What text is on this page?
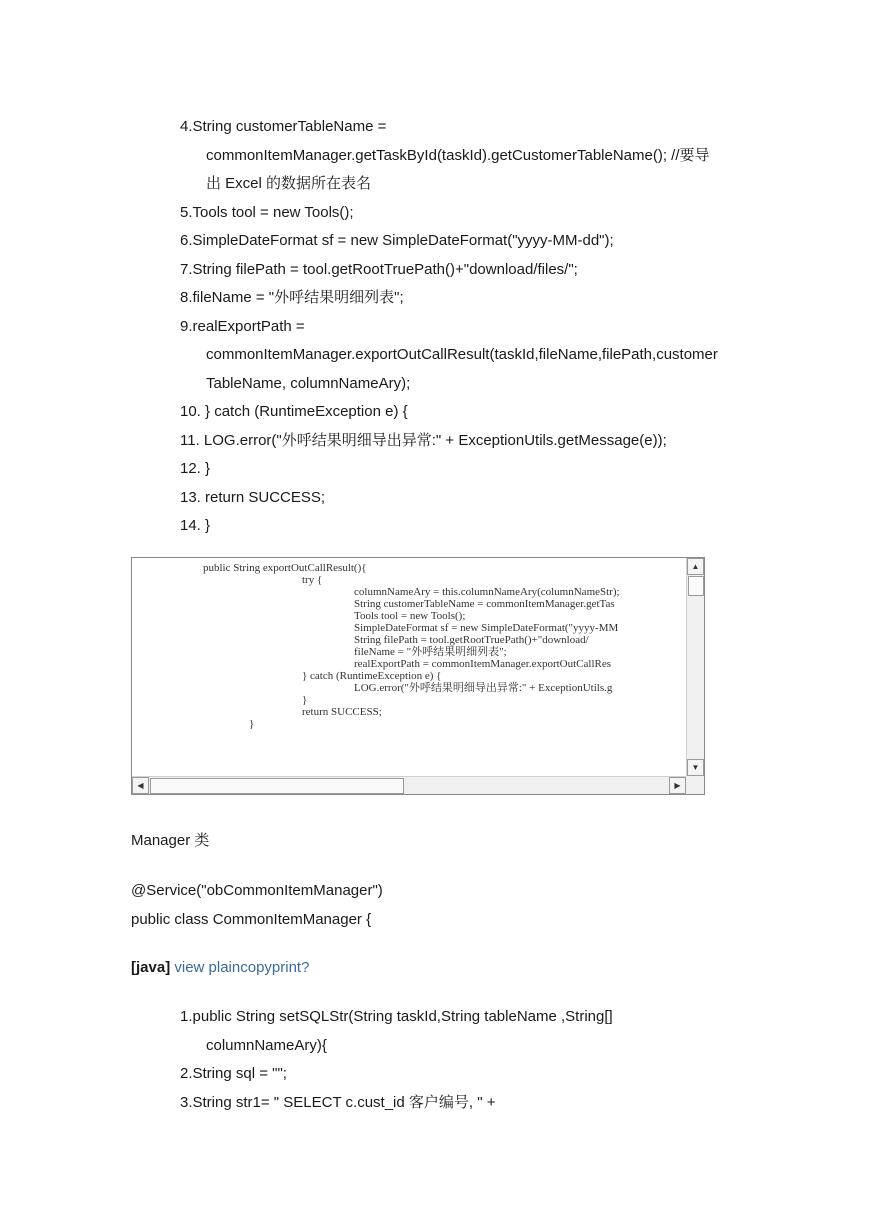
4.String customerTableName =
commonItemManager.getTaskById(taskId).getCustomerTableName(); //要导
出 Excel 的数据所在表名
5.Tools tool = new Tools();
6.SimpleDateFormat sf = new SimpleDateFormat("yyyy-MM-dd");
7.String filePath = tool.getRootTruePath()+"download/files/";
8.fileName = "外呼结果明细列表";
9.realExportPath =
commonItemManager.exportOutCallResult(taskId,fileName,filePath,customer
TableName, columnNameAry);
10. } catch (RuntimeException e) {
11. LOG.error("外呼结果明细导出异常:" + ExceptionUtils.getMessage(e));
12. }
13. return SUCCESS;
14. }
public String exportOutCallResult(){
try {
columnNameAry = this.columnNameAry(columnNameStr);
String customerTableName = commonItemManager.getTas
Tools tool = new Tools();
SimpleDateFormat sf = new SimpleDateFormat("yyyy-MM
String filePath = tool.getRootTruePath()+"download/
fileName = "外呼结果明细列表";
realExportPath = commonItemManager.exportOutCallRes
} catch (RuntimeException e) {
LOG.error("外呼结果明细导出异常:" + ExceptionUtils.g
}
return SUCCESS;
}
▲
▼
◀	▶
Manager 类
@Service("obCommonItemManager")
public class CommonItemManager {
[java] view plaincopyprint?
1.public String setSQLStr(String taskId,String tableName ,String[]
columnNameAry){
2.String sql = "";
3.String str1= " SELECT c.cust_id 客户编号, " +
